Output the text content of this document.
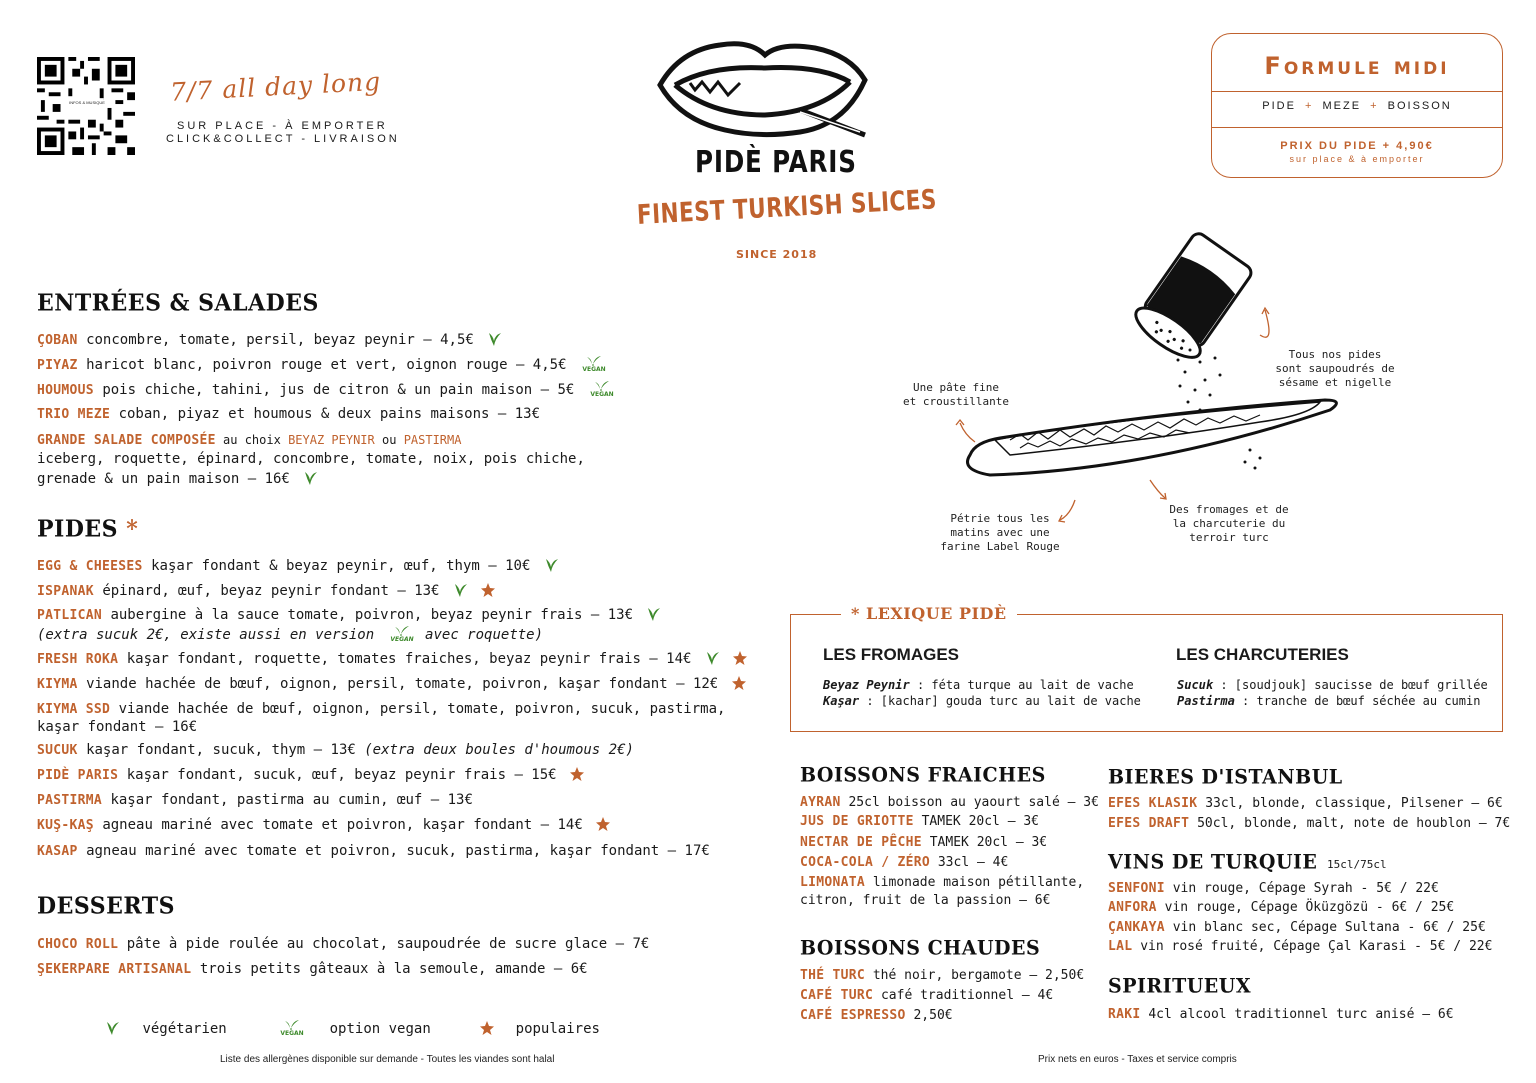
INFOS & MUSIQUE	7/7 all day long
SUR PLACE - À EMPORTER
CLICK&COLLECT - LIVRAISON
PIDÈ PARIS
FINEST TURKISH SLICES
SINCE 2018
Formule midi
PIDE + MEZE + BOISSON
PRIX DU PIDE + 4,90€
sur place & à emporter
ENTRÉES & SALADES
ÇOBAN concombre, tomate, persil, beyaz peynir – 4,5€
PIYAZ haricot blanc, poivron rouge et vert, oignon rouge – 4,5€
HOUMOUS pois chiche, tahini, jus de citron & un pain maison – 5€
TRIO MEZE coban, piyaz et houmous & deux pains maisons – 13€
GRANDE SALADE COMPOSÉE au choix BEYAZ PEYNIR ou PASTIRMA
iceberg, roquette, épinard, concombre, tomate, noix, pois chiche,
grenade & un pain maison – 16€
PIDES *
EGG & CHEESES kaşar fondant & beyaz peynir, œuf, thym – 10€
ISPANAK épinard, œuf, beyaz peynir fondant – 13€
PATLICAN aubergine à la sauce tomate, poivron, beyaz peynir frais – 13€
(extra sucuk 2€, existe aussi en version	avec roquette)
FRESH ROKA kaşar fondant, roquette, tomates fraiches, beyaz peynir frais – 14€
KIYMA viande hachée de bœuf, oignon, persil, tomate, poivron, kaşar fondant – 12€
KIYMA SSD viande hachée de bœuf, oignon, persil, tomate, poivron, sucuk, pastirma,
kaşar fondant – 16€
SUCUK kaşar fondant, sucuk, thym – 13€ (extra deux boules d'houmous 2€)
PIDÈ PARIS kaşar fondant, sucuk, œuf, beyaz peynir frais – 15€
PASTIRMA kaşar fondant, pastirma au cumin, œuf – 13€
KUŞ-KAŞ agneau mariné avec tomate et poivron, kaşar fondant – 14€
KASAP agneau mariné avec tomate et poivron, sucuk, pastirma, kaşar fondant – 17€
DESSERTS
CHOCO ROLL pâte à pide roulée au chocolat, saupoudrée de sucre glace – 7€
ŞEKERPARE ARTISANAL trois petits gâteaux à la semoule, amande – 6€
végétarien	option vegan	populaires
Liste des allergènes disponible sur demande - Toutes les viandes sont halal	Prix nets en euros - Taxes et service compris
Une pâte fine
et croustillante
Tous nos pides
sont saupoudrés de
sésame et nigelle
Pétrie tous les
matins avec une
farine Label Rouge
Des fromages et de
la charcuterie du
terroir turc
* LEXIQUE PIDÈ
LES FROMAGES
Beyaz Peynir : féta turque au lait de vache
Kaşar : [kachar] gouda turc au lait de vache
LES CHARCUTERIES
Sucuk : [soudjouk] saucisse de bœuf grillée
Pastirma : tranche de bœuf séchée au cumin
BOISSONS FRAICHES
AYRAN 25cl boisson au yaourt salé – 3€
JUS DE GRIOTTE TAMEK 20cl – 3€
NECTAR DE PÊCHE TAMEK 20cl – 3€
COCA-COLA / ZÉRO 33cl – 4€
LIMONATA limonade maison pétillante,
citron, fruit de la passion – 6€
BOISSONS CHAUDES
THÉ TURC thé noir, bergamote – 2,50€
CAFÉ TURC café traditionnel – 4€
CAFÉ ESPRESSO 2,50€
BIERES D'ISTANBUL
EFES KLASIK 33cl, blonde, classique, Pilsener – 6€
EFES DRAFT 50cl, blonde, malt, note de houblon – 7€
VINS DE TURQUIE 15cl/75cl
SENFONI vin rouge, Cépage Syrah - 5€ / 22€
ANFORA vin rouge, Cépage Öküzgözü - 6€ / 25€
ÇANKAYA vin blanc sec, Cépage Sultana - 6€ / 25€
LAL vin rosé fruité, Cépage Çal Karasi - 5€ / 22€
SPIRITUEUX
RAKI 4cl alcool traditionnel turc anisé – 6€
